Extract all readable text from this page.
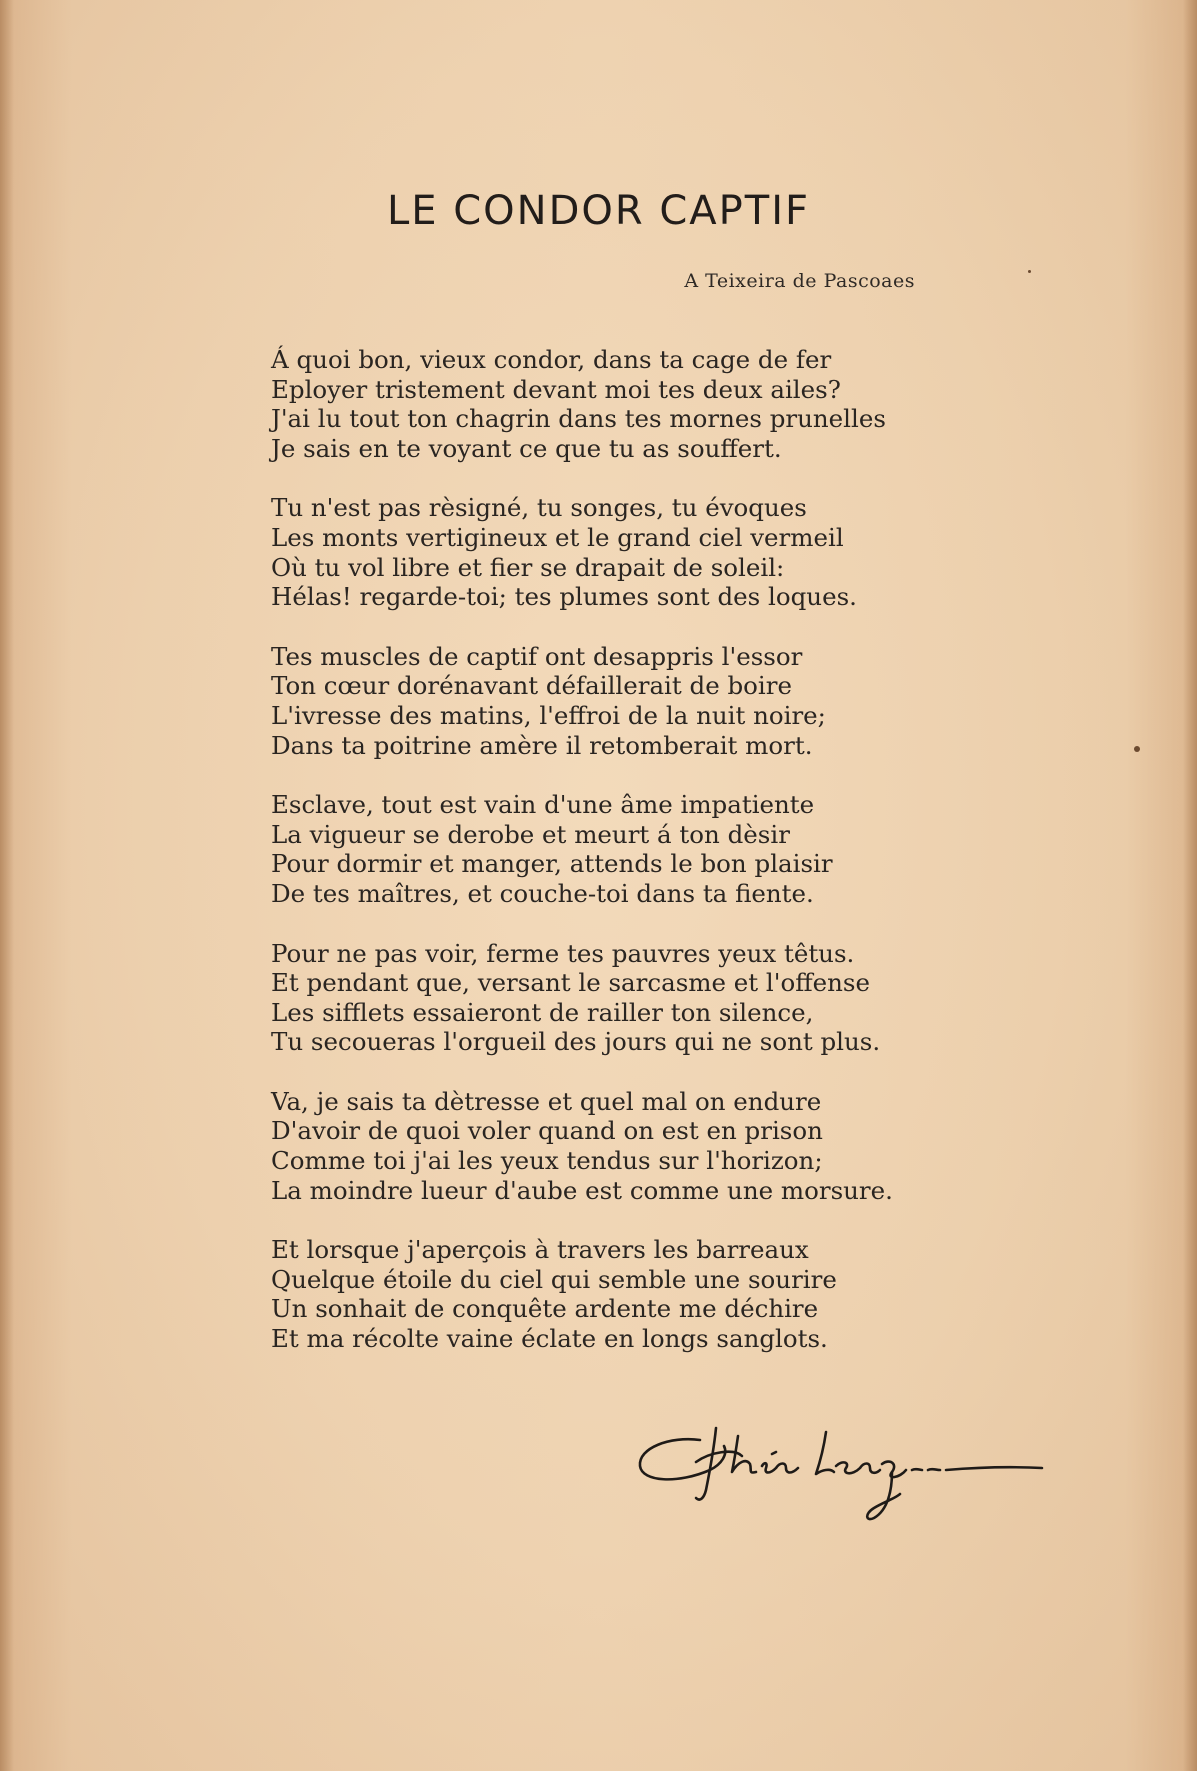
LE CONDOR CAPTIF
A Teixeira de Pascoaes
Á quoi bon, vieux condor, dans ta cage de fer
Eployer tristement devant moi tes deux ailes?
J'ai lu tout ton chagrin dans tes mornes prunelles
Je sais en te voyant ce que tu as souffert.
Tu n'est pas rèsigné, tu songes, tu évoques
Les monts vertigineux et le grand ciel vermeil
Où tu vol libre et fier se drapait de soleil:
Hélas! regarde-toi; tes plumes sont des loques.
Tes muscles de captif ont desappris l'essor
Ton cœur dorénavant défaillerait de boire
L'ivresse des matins, l'effroi de la nuit noire;
Dans ta poitrine amère il retomberait mort.
Esclave, tout est vain d'une âme impatiente
La vigueur se derobe et meurt á ton dèsir
Pour dormir et manger, attends le bon plaisir
De tes maîtres, et couche-toi dans ta fiente.
Pour ne pas voir, ferme tes pauvres yeux têtus.
Et pendant que, versant le sarcasme et l'offense
Les sifflets essaieront de railler ton silence,
Tu secoueras l'orgueil des jours qui ne sont plus.
Va, je sais ta dètresse et quel mal on endure
D'avoir de quoi voler quand on est en prison
Comme toi j'ai les yeux tendus sur l'horizon;
La moindre lueur d'aube est comme une morsure.
Et lorsque j'aperçois à travers les barreaux
Quelque étoile du ciel qui semble une sourire
Un sonhait de conquête ardente me déchire
Et ma récolte vaine éclate en longs sanglots.
